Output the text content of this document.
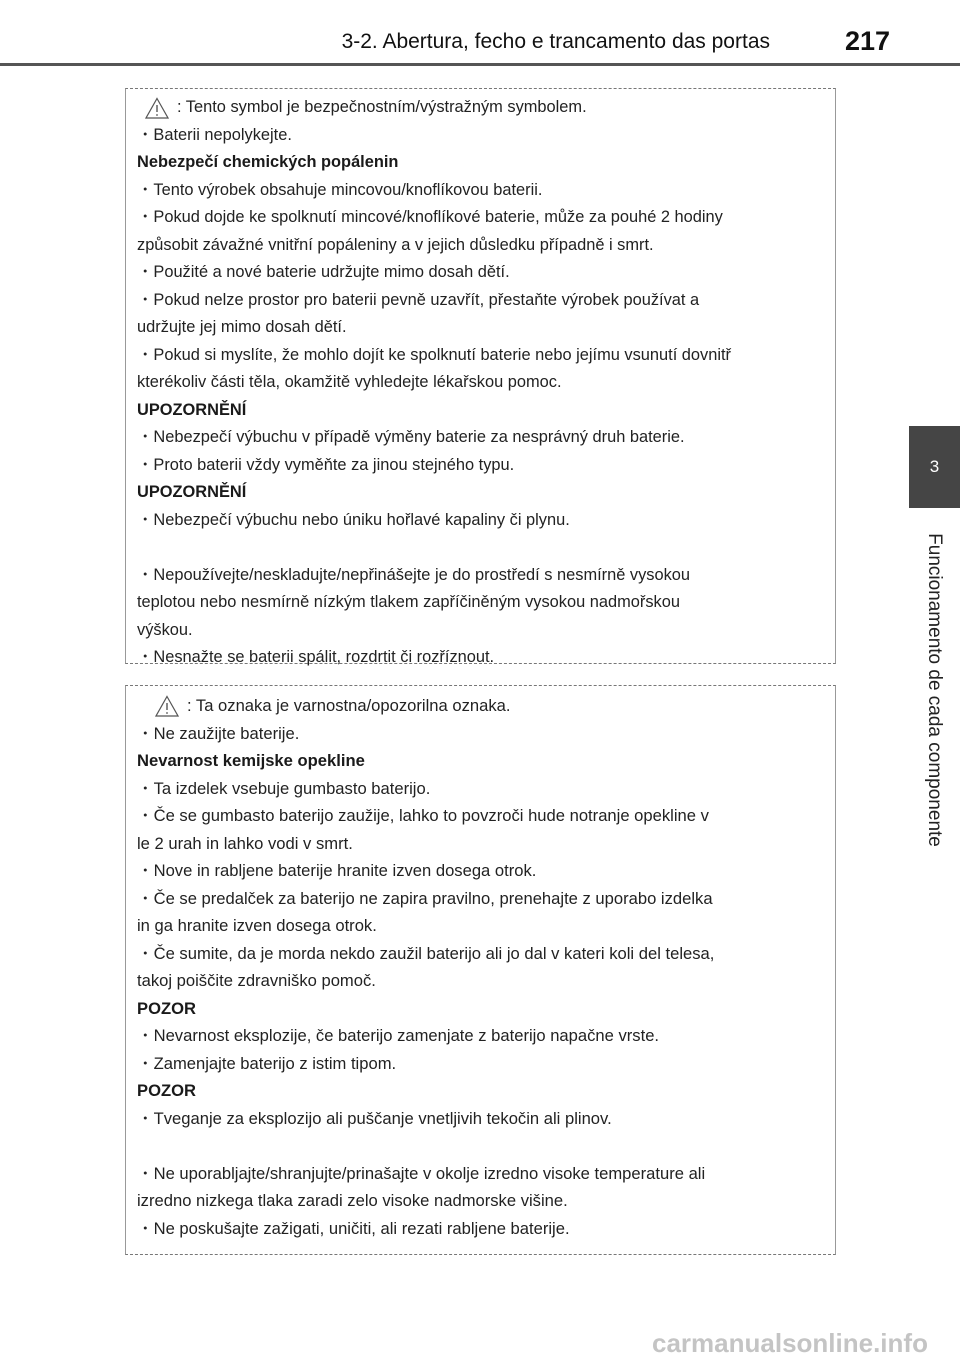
3-2. Abertura, fecho e trancamento das portas	217
3
Funcionamento de cada componente
: Tento symbol je bezpečnostním/výstražným symbolem.
・Baterii nepolykejte.
Nebezpečí chemických popálenin
・Tento výrobek obsahuje mincovou/knoflíkovou baterii.
・Pokud dojde ke spolknutí mincové/knoflíkové baterie, může za pouhé 2 hodiny
způsobit závažné vnitřní popáleniny a v jejich důsledku případně i smrt.
・Použité a nové baterie udržujte mimo dosah dětí.
・Pokud nelze prostor pro baterii pevně uzavřít, přestaňte výrobek používat a
udržujte jej mimo dosah dětí.
・Pokud si myslíte, že mohlo dojít ke spolknutí baterie nebo jejímu vsunutí dovnitř
kterékoliv části těla, okamžitě vyhledejte lékařskou pomoc.
UPOZORNĚNÍ
・Nebezpečí výbuchu v případě výměny baterie za nesprávný druh baterie.
・Proto baterii vždy vyměňte za jinou stejného typu.
UPOZORNĚNÍ
・Nebezpečí výbuchu nebo úniku hořlavé kapaliny či plynu.
・Nepoužívejte/neskladujte/nepřinášejte je do prostředí s nesmírně vysokou
teplotou nebo nesmírně nízkým tlakem zapříčiněným vysokou nadmořskou
výškou.
・Nesnažte se baterii spálit, rozdrtit či rozříznout.
: Ta oznaka je varnostna/opozorilna oznaka.
・Ne zaužijte baterije.
Nevarnost kemijske opekline
・Ta izdelek vsebuje gumbasto baterijo.
・Če se gumbasto baterijo zaužije, lahko to povzroči hude notranje opekline v
le 2 urah in lahko vodi v smrt.
・Nove in rabljene baterije hranite izven dosega otrok.
・Če se predalček za baterijo ne zapira pravilno, prenehajte z uporabo izdelka
in ga hranite izven dosega otrok.
・Če sumite, da je morda nekdo zaužil baterijo ali jo dal v kateri koli del telesa,
takoj poiščite zdravniško pomoč.
POZOR
・Nevarnost eksplozije, če baterijo zamenjate z baterijo napačne vrste.
・Zamenjajte baterijo z istim tipom.
POZOR
・Tveganje za eksplozijo ali puščanje vnetljivih tekočin ali plinov.
・Ne uporabljajte/shranjujte/prinašajte v okolje izredno visoke temperature ali
izredno nizkega tlaka zaradi zelo visoke nadmorske višine.
・Ne poskušajte zažigati, uničiti, ali rezati rabljene baterije.
carmanualsonline.info
